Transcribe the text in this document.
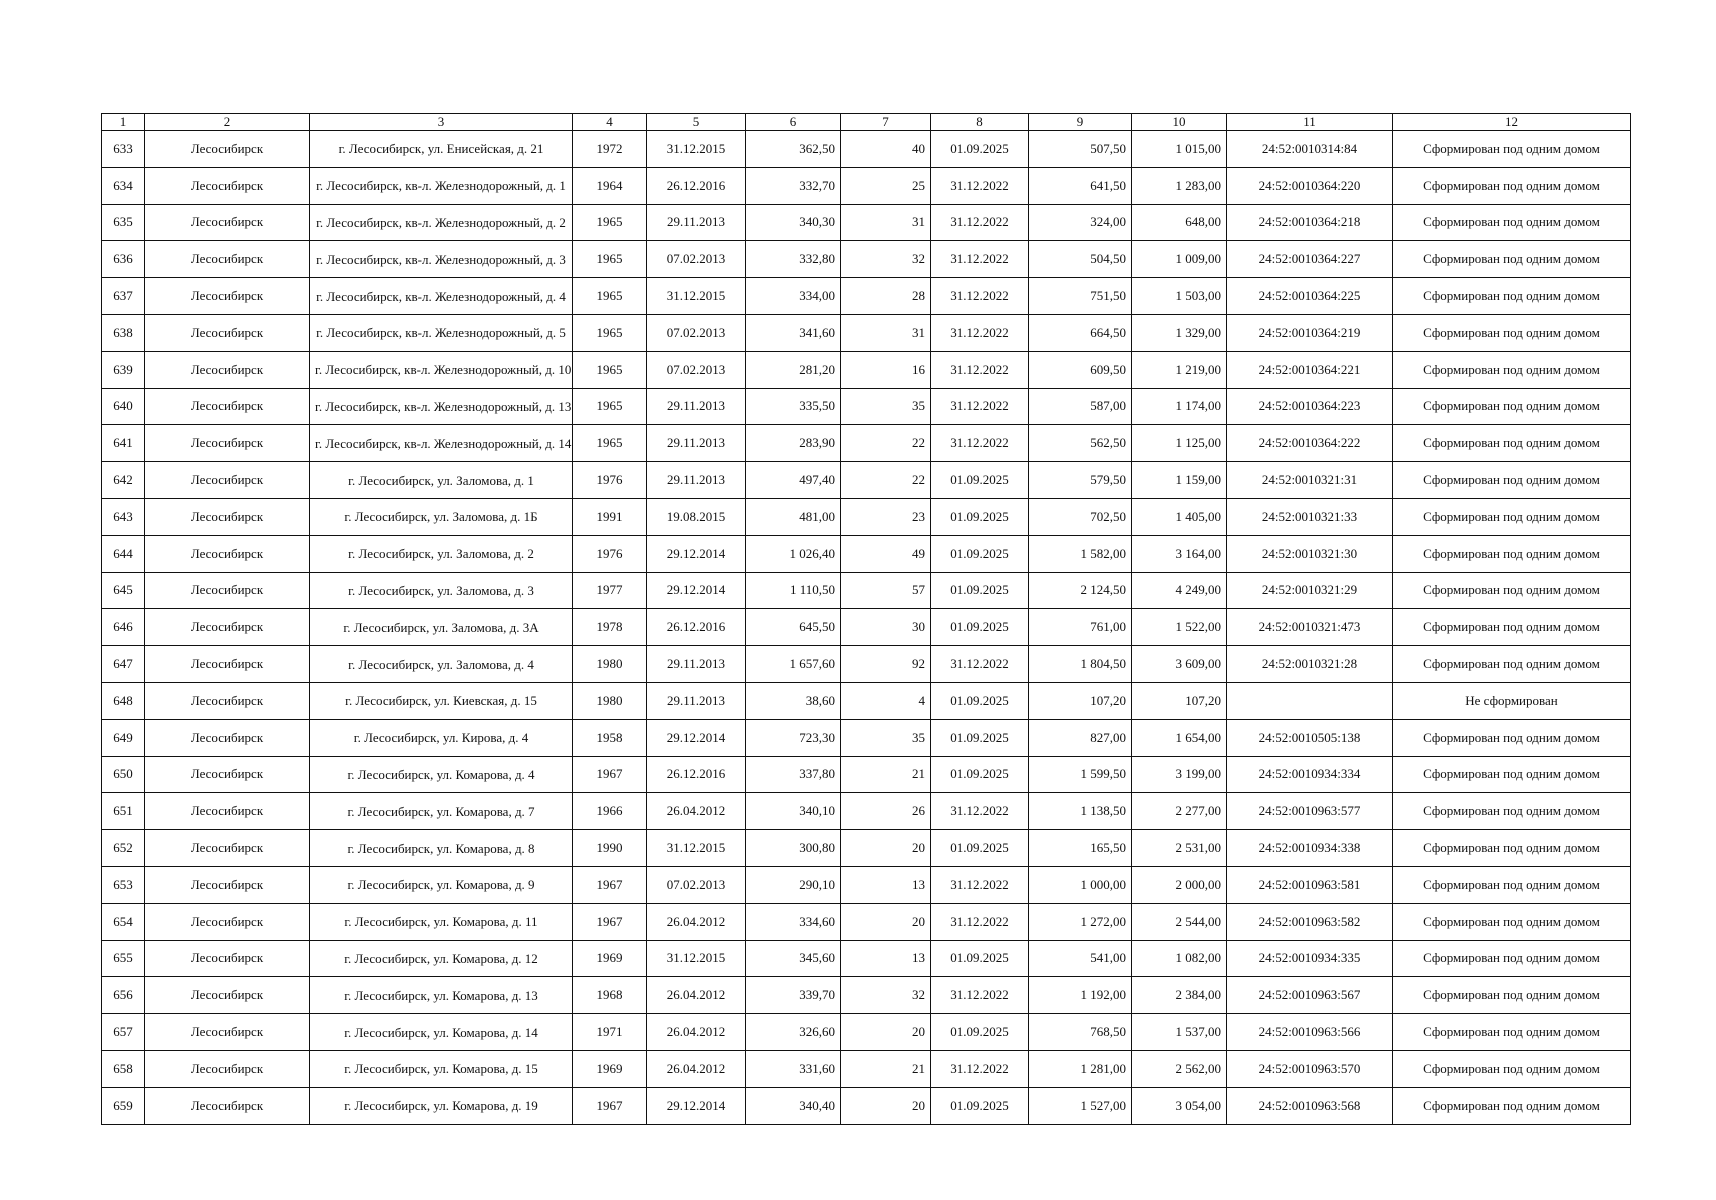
1	2	3	4	5	6	7	8	9	10	11	12
633	Лесосибирск	г. Лесосибирск, ул. Енисейская, д. 21	1972	31.12.2015	362,50	40	01.09.2025	507,50	1 015,00	24:52:0010314:84	Сформирован под одним домом
634	Лесосибирск	г. Лесосибирск, кв-л. Железнодорожный, д. 1	1964	26.12.2016	332,70	25	31.12.2022	641,50	1 283,00	24:52:0010364:220	Сформирован под одним домом
635	Лесосибирск	г. Лесосибирск, кв-л. Железнодорожный, д. 2	1965	29.11.2013	340,30	31	31.12.2022	324,00	648,00	24:52:0010364:218	Сформирован под одним домом
636	Лесосибирск	г. Лесосибирск, кв-л. Железнодорожный, д. 3	1965	07.02.2013	332,80	32	31.12.2022	504,50	1 009,00	24:52:0010364:227	Сформирован под одним домом
637	Лесосибирск	г. Лесосибирск, кв-л. Железнодорожный, д. 4	1965	31.12.2015	334,00	28	31.12.2022	751,50	1 503,00	24:52:0010364:225	Сформирован под одним домом
638	Лесосибирск	г. Лесосибирск, кв-л. Железнодорожный, д. 5	1965	07.02.2013	341,60	31	31.12.2022	664,50	1 329,00	24:52:0010364:219	Сформирован под одним домом
639	Лесосибирск	г. Лесосибирск, кв-л. Железнодорожный, д. 10	1965	07.02.2013	281,20	16	31.12.2022	609,50	1 219,00	24:52:0010364:221	Сформирован под одним домом
640	Лесосибирск	г. Лесосибирск, кв-л. Железнодорожный, д. 13	1965	29.11.2013	335,50	35	31.12.2022	587,00	1 174,00	24:52:0010364:223	Сформирован под одним домом
641	Лесосибирск	г. Лесосибирск, кв-л. Железнодорожный, д. 14	1965	29.11.2013	283,90	22	31.12.2022	562,50	1 125,00	24:52:0010364:222	Сформирован под одним домом
642	Лесосибирск	г. Лесосибирск, ул. Заломова, д. 1	1976	29.11.2013	497,40	22	01.09.2025	579,50	1 159,00	24:52:0010321:31	Сформирован под одним домом
643	Лесосибирск	г. Лесосибирск, ул. Заломова, д. 1Б	1991	19.08.2015	481,00	23	01.09.2025	702,50	1 405,00	24:52:0010321:33	Сформирован под одним домом
644	Лесосибирск	г. Лесосибирск, ул. Заломова, д. 2	1976	29.12.2014	1 026,40	49	01.09.2025	1 582,00	3 164,00	24:52:0010321:30	Сформирован под одним домом
645	Лесосибирск	г. Лесосибирск, ул. Заломова, д. 3	1977	29.12.2014	1 110,50	57	01.09.2025	2 124,50	4 249,00	24:52:0010321:29	Сформирован под одним домом
646	Лесосибирск	г. Лесосибирск, ул. Заломова, д. 3А	1978	26.12.2016	645,50	30	01.09.2025	761,00	1 522,00	24:52:0010321:473	Сформирован под одним домом
647	Лесосибирск	г. Лесосибирск, ул. Заломова, д. 4	1980	29.11.2013	1 657,60	92	31.12.2022	1 804,50	3 609,00	24:52:0010321:28	Сформирован под одним домом
648	Лесосибирск	г. Лесосибирск, ул. Киевская, д. 15	1980	29.11.2013	38,60	4	01.09.2025	107,20	107,20		Не сформирован
649	Лесосибирск	г. Лесосибирск, ул. Кирова, д. 4	1958	29.12.2014	723,30	35	01.09.2025	827,00	1 654,00	24:52:0010505:138	Сформирован под одним домом
650	Лесосибирск	г. Лесосибирск, ул. Комарова, д. 4	1967	26.12.2016	337,80	21	01.09.2025	1 599,50	3 199,00	24:52:0010934:334	Сформирован под одним домом
651	Лесосибирск	г. Лесосибирск, ул. Комарова, д. 7	1966	26.04.2012	340,10	26	31.12.2022	1 138,50	2 277,00	24:52:0010963:577	Сформирован под одним домом
652	Лесосибирск	г. Лесосибирск, ул. Комарова, д. 8	1990	31.12.2015	300,80	20	01.09.2025	165,50	2 531,00	24:52:0010934:338	Сформирован под одним домом
653	Лесосибирск	г. Лесосибирск, ул. Комарова, д. 9	1967	07.02.2013	290,10	13	31.12.2022	1 000,00	2 000,00	24:52:0010963:581	Сформирован под одним домом
654	Лесосибирск	г. Лесосибирск, ул. Комарова, д. 11	1967	26.04.2012	334,60	20	31.12.2022	1 272,00	2 544,00	24:52:0010963:582	Сформирован под одним домом
655	Лесосибирск	г. Лесосибирск, ул. Комарова, д. 12	1969	31.12.2015	345,60	13	01.09.2025	541,00	1 082,00	24:52:0010934:335	Сформирован под одним домом
656	Лесосибирск	г. Лесосибирск, ул. Комарова, д. 13	1968	26.04.2012	339,70	32	31.12.2022	1 192,00	2 384,00	24:52:0010963:567	Сформирован под одним домом
657	Лесосибирск	г. Лесосибирск, ул. Комарова, д. 14	1971	26.04.2012	326,60	20	01.09.2025	768,50	1 537,00	24:52:0010963:566	Сформирован под одним домом
658	Лесосибирск	г. Лесосибирск, ул. Комарова, д. 15	1969	26.04.2012	331,60	21	31.12.2022	1 281,00	2 562,00	24:52:0010963:570	Сформирован под одним домом
659	Лесосибирск	г. Лесосибирск, ул. Комарова, д. 19	1967	29.12.2014	340,40	20	01.09.2025	1 527,00	3 054,00	24:52:0010963:568	Сформирован под одним домом
